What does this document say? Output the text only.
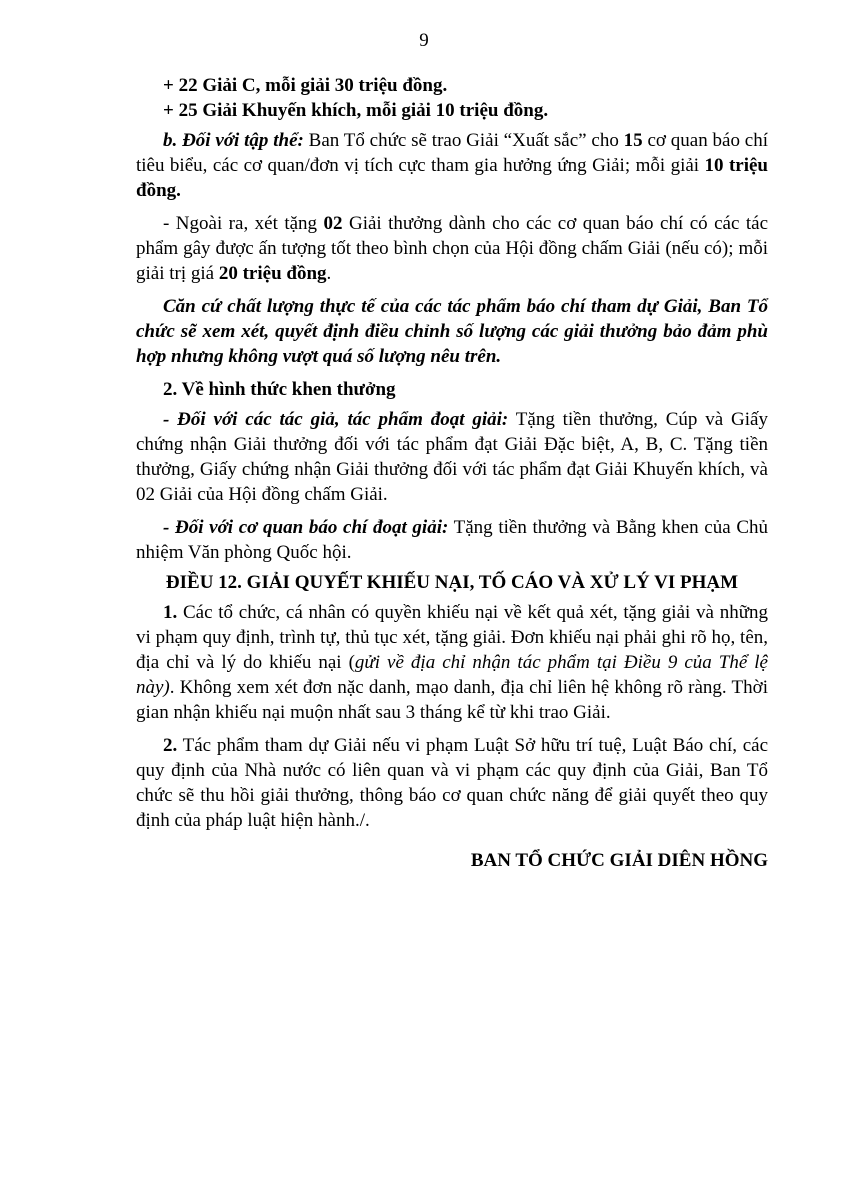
9

+ 22 Giải C, mỗi giải 30 triệu đồng.

+ 25 Giải Khuyến khích, mỗi giải 10 triệu đồng.

b. Đối với tập thể: Ban Tổ chức sẽ trao Giải “Xuất sắc” cho 15 cơ quan báo chí tiêu biểu, các cơ quan/đơn vị tích cực tham gia hưởng ứng Giải; mỗi giải 10 triệu đồng.

- Ngoài ra, xét tặng 02 Giải thưởng dành cho các cơ quan báo chí có các tác phẩm gây được ấn tượng tốt theo bình chọn của Hội đồng chấm Giải (nếu có); mỗi giải trị giá 20 triệu đồng.

Căn cứ chất lượng thực tế của các tác phẩm báo chí tham dự Giải, Ban Tổ chức sẽ xem xét, quyết định điều chỉnh số lượng các giải thưởng bảo đảm phù hợp nhưng không vượt quá số lượng nêu trên.

2. Về hình thức khen thưởng

- Đối với các tác giả, tác phẩm đoạt giải: Tặng tiền thưởng, Cúp và Giấy chứng nhận Giải thưởng đối với tác phẩm đạt Giải Đặc biệt, A, B, C. Tặng tiền thưởng, Giấy chứng nhận Giải thưởng đối với tác phẩm đạt Giải Khuyến khích, và 02 Giải của Hội đồng chấm Giải.

- Đối với cơ quan báo chí đoạt giải: Tặng tiền thưởng và Bằng khen của Chủ nhiệm Văn phòng Quốc hội.

ĐIỀU 12. GIẢI QUYẾT KHIẾU NẠI, TỐ CÁO VÀ XỬ LÝ VI PHẠM

1. Các tổ chức, cá nhân có quyền khiếu nại về kết quả xét, tặng giải và những vi phạm quy định, trình tự, thủ tục xét, tặng giải. Đơn khiếu nại phải ghi rõ họ, tên, địa chỉ và lý do khiếu nại (gửi về địa chỉ nhận tác phẩm tại Điều 9 của Thể lệ này). Không xem xét đơn nặc danh, mạo danh, địa chỉ liên hệ không rõ ràng. Thời gian nhận khiếu nại muộn nhất sau 3 tháng kể từ khi trao Giải.

2. Tác phẩm tham dự Giải nếu vi phạm Luật Sở hữu trí tuệ, Luật Báo chí, các quy định của Nhà nước có liên quan và vi phạm các quy định của Giải, Ban Tổ chức sẽ thu hồi giải thưởng, thông báo cơ quan chức năng để giải quyết theo quy định của pháp luật hiện hành./.

BAN TỔ CHỨC GIẢI DIÊN HỒNG
